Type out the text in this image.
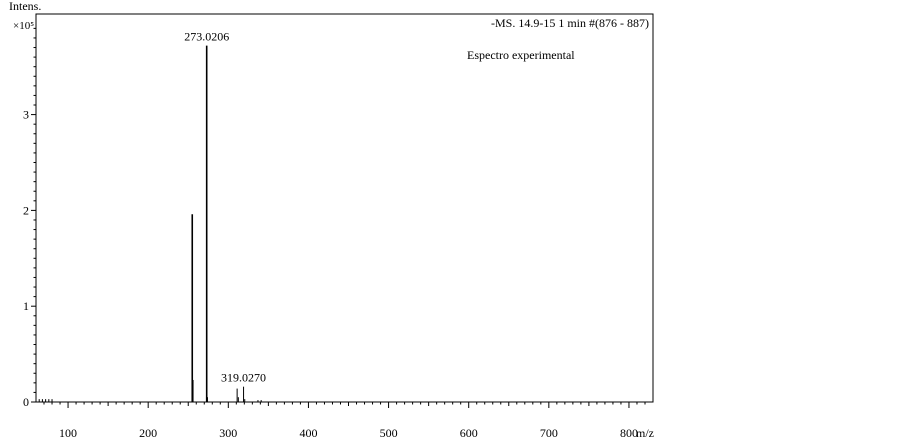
Intens.
×10⁵	-MS. 14.9-15 1 min #(876 - 887)
Espectro experimental
m/z
0
1
2
3
100	200	300	400	500	600	700	800
273.0206
319.0270
